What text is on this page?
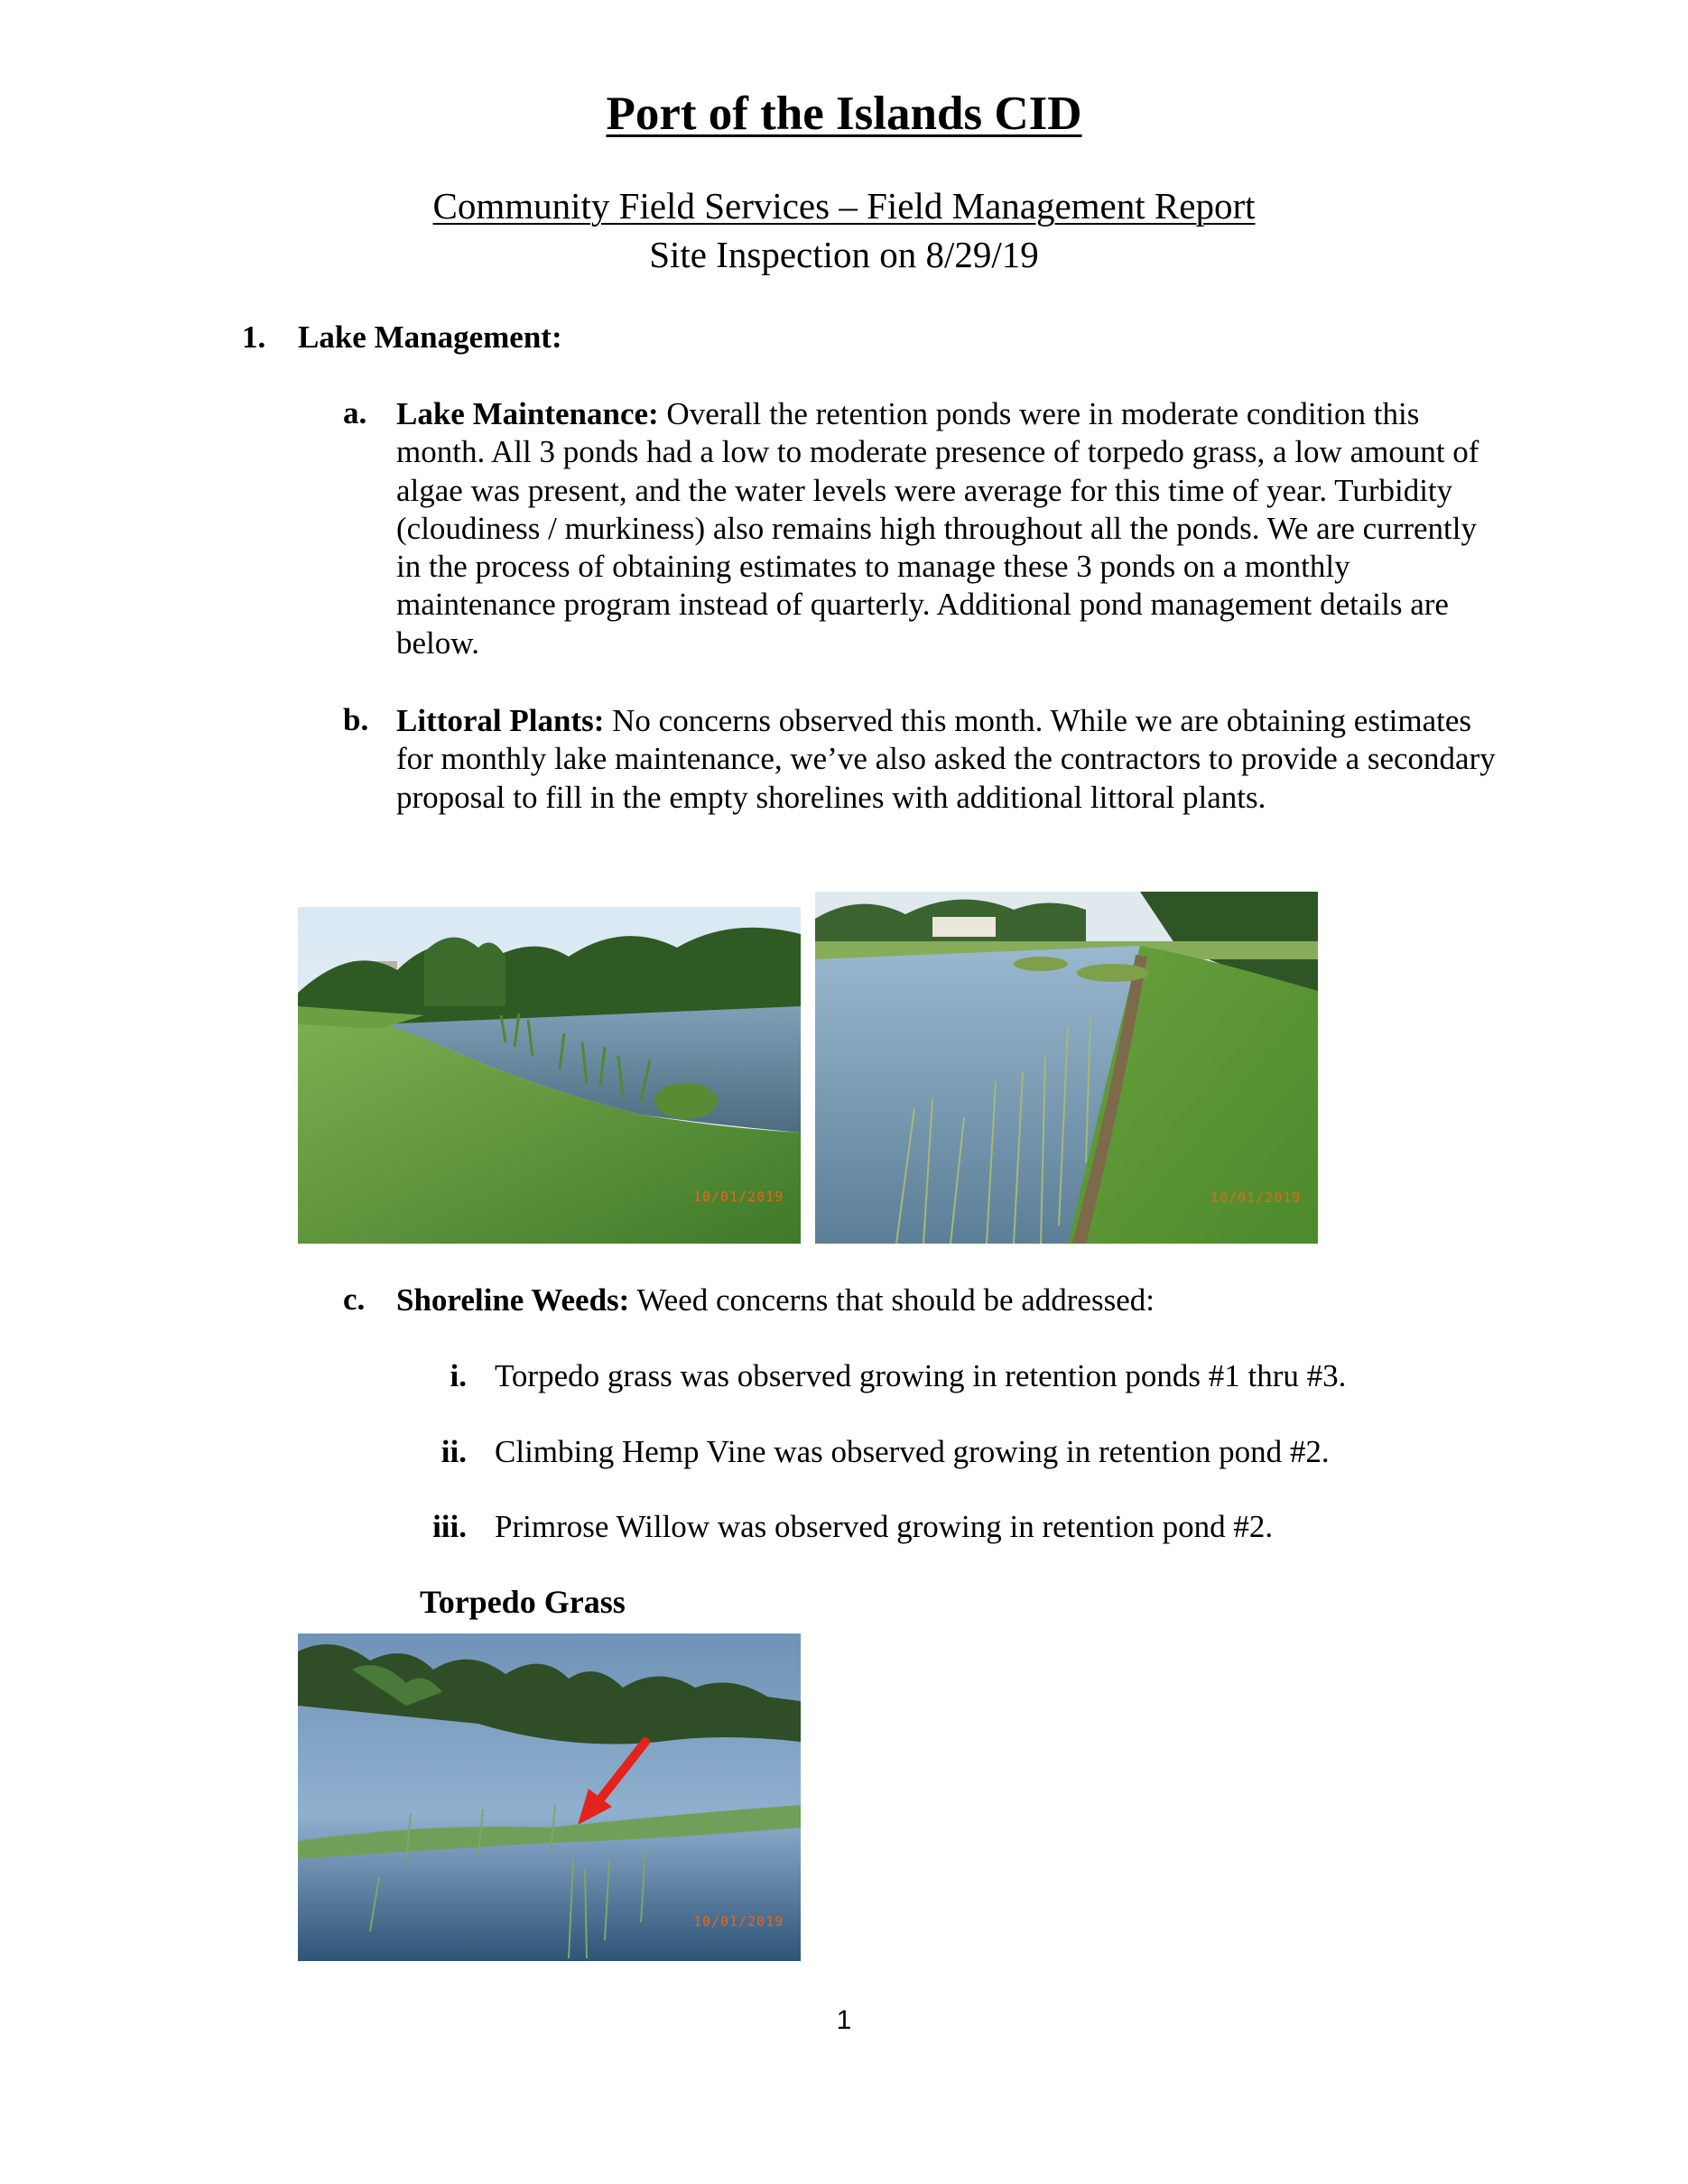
Port of the Islands CID
Community Field Services – Field Management Report
Site Inspection on 8/29/19
1. Lake Management:
a. Lake Maintenance: Overall the retention ponds were in moderate condition this month. All 3 ponds had a low to moderate presence of torpedo grass, a low amount of algae was present, and the water levels were average for this time of year. Turbidity (cloudiness / murkiness) also remains high throughout all the ponds. We are currently in the process of obtaining estimates to manage these 3 ponds on a monthly maintenance program instead of quarterly. Additional pond management details are below.
b. Littoral Plants: No concerns observed this month. While we are obtaining estimates for monthly lake maintenance, we’ve also asked the contractors to provide a secondary proposal to fill in the empty shorelines with additional littoral plants.
10/01/2019	10/01/2019
c. Shoreline Weeds: Weed concerns that should be addressed:
i. Torpedo grass was observed growing in retention ponds #1 thru #3.
ii. Climbing Hemp Vine was observed growing in retention pond #2.
iii. Primrose Willow was observed growing in retention pond #2.
Torpedo Grass
10/01/2019
1
